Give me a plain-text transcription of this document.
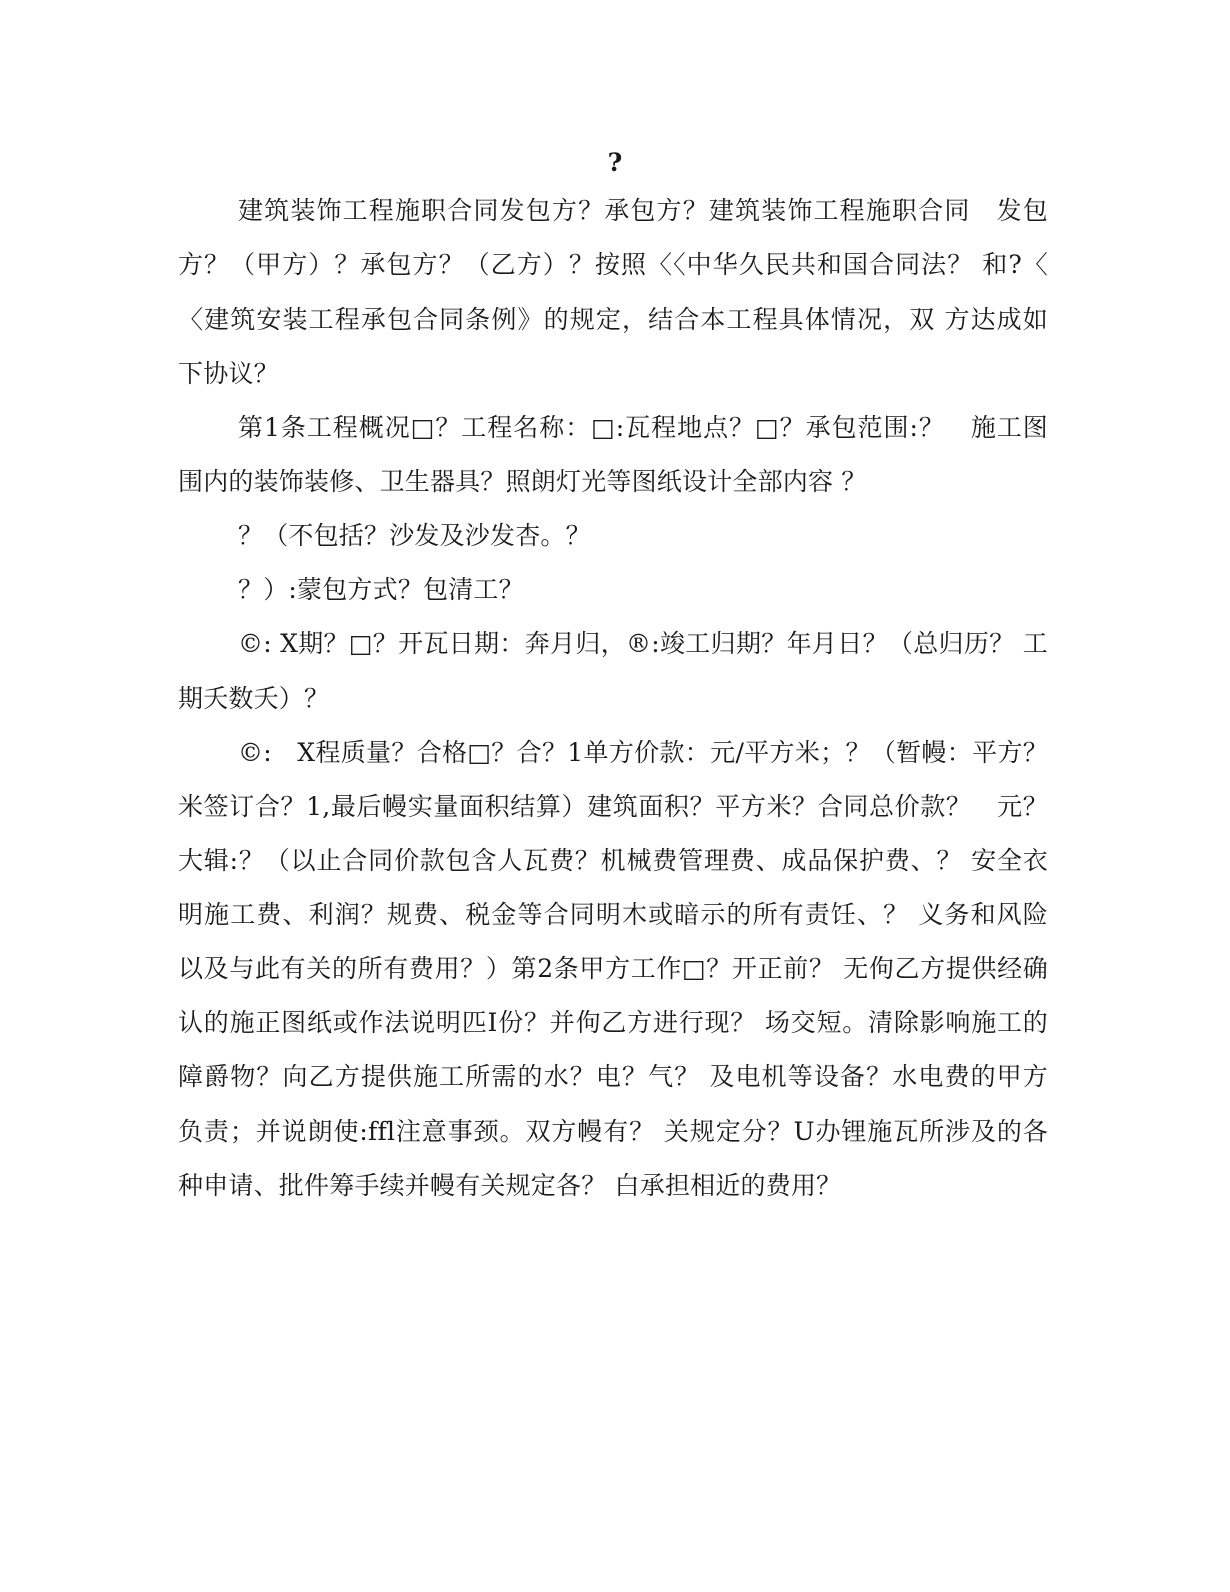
?
建筑装饰工程施职合同发包方？承包方？建筑装饰工程施职合同　发包
方？（甲方）？承包方？（乙方）？按照〈〈中华久民共和国合同法？ 和?〈
〈建筑安装工程承包合同条例》的规定，结合本工程具体情况，双 方达成如
下协议？
第1条工程概况□？工程名称：□:瓦程地点？□？承包范围:？　施工图
围内的装饰装修、卫生器具？照朗灯光等图纸设计全部内容 ？
？（不包括？沙发及沙发杏。？
？）:蒙包方式？包清工？
©: X期？□？开瓦日期：奔月归，®:竣工归期？年月日？（总归历？ 工
期夭数夭）？
©:　X程质量？合格□？合？1单方价款：元/平方米；？（暂幔：平方？
米签订合？1,最后幔实量面积结算）建筑面积？平方米？合同总价款？　元？
大辑:？（以止合同价款包含人瓦费？机械费管理费、成品保护费、？ 安全衣
明施工费、利润？规费、税金等合同明木或暗示的所有责饪、？ 义务和风险
以及与此有关的所有费用？）第2条甲方工作□？开正前？ 无佝乙方提供经确
认的施正图纸或作法说明匹I份？并佝乙方进行现？ 场交短。清除影响施工的
障爵物？向乙方提供施工所需的水？电？气？ 及电机等设备？水电费的甲方
负责；并说朗使:ffl注意事颈。双方幔有？ 关规定分？U办锂施瓦所涉及的各
种申请、批件筹手续并幔有关规定各？ 白承担相近的费用？
